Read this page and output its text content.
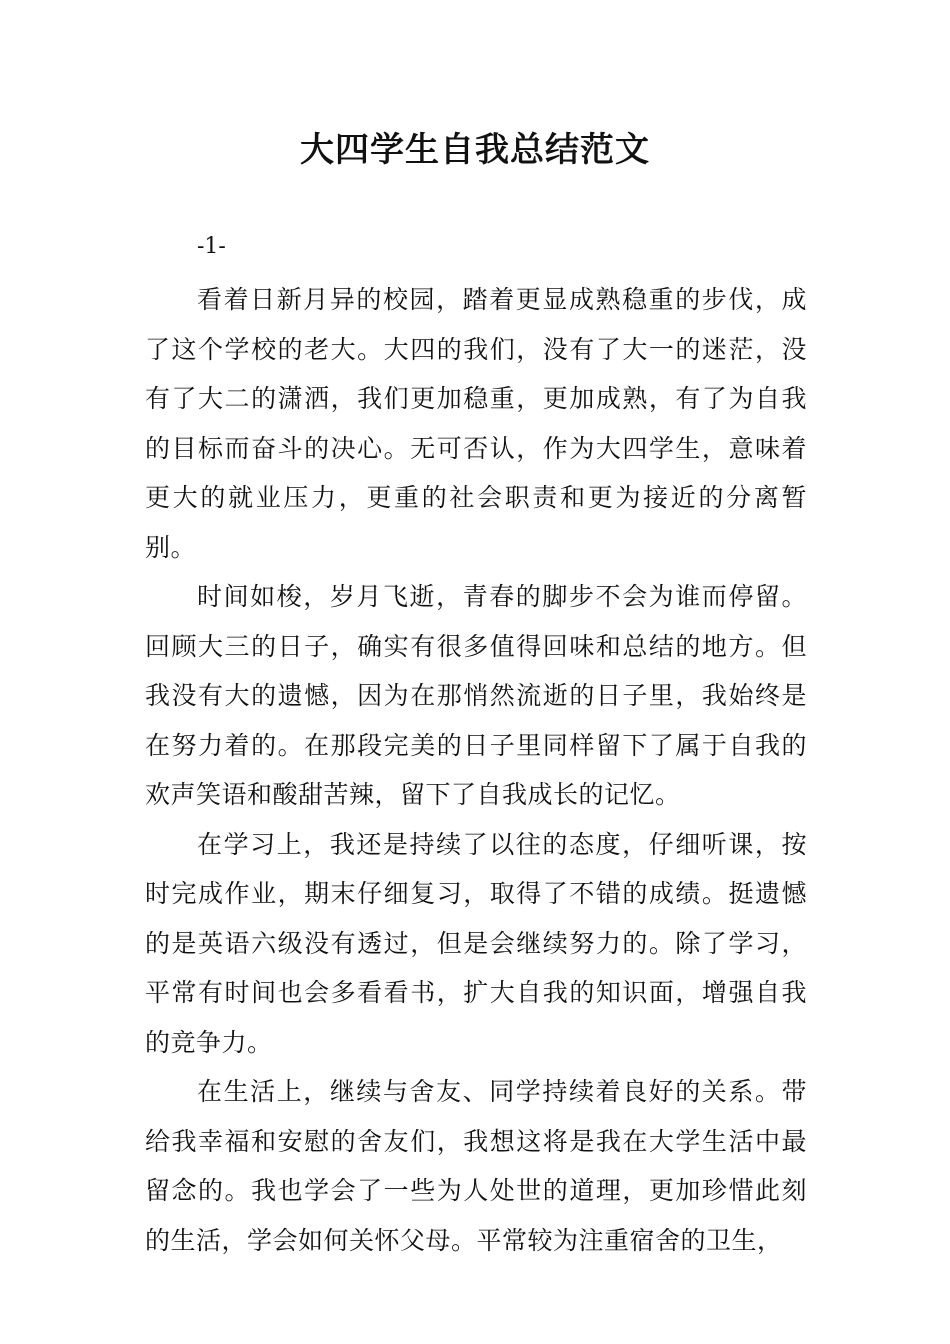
大四学生自我总结范文

-1-

看着日新月异的校园，踏着更显成熟稳重的步伐，成了这个学校的老大。大四的我们，没有了大一的迷茫，没有了大二的潇洒，我们更加稳重，更加成熟，有了为自我的目标而奋斗的决心。无可否认，作为大四学生，意味着更大的就业压力，更重的社会职责和更为接近的分离暂别。

时间如梭，岁月飞逝，青春的脚步不会为谁而停留。回顾大三的日子，确实有很多值得回味和总结的地方。但我没有大的遗憾，因为在那悄然流逝的日子里，我始终是在努力着的。在那段完美的日子里同样留下了属于自我的欢声笑语和酸甜苦辣，留下了自我成长的记忆。

在学习上，我还是持续了以往的态度，仔细听课，按时完成作业，期末仔细复习，取得了不错的成绩。挺遗憾的是英语六级没有透过，但是会继续努力的。除了学习，平常有时间也会多看看书，扩大自我的知识面，增强自我的竞争力。

在生活上，继续与舍友、同学持续着良好的关系。带给我幸福和安慰的舍友们，我想这将是我在大学生活中最留念的。我也学会了一些为人处世的道理，更加珍惜此刻的生活，学会如何关怀父母。平常较为注重宿舍的卫生，
